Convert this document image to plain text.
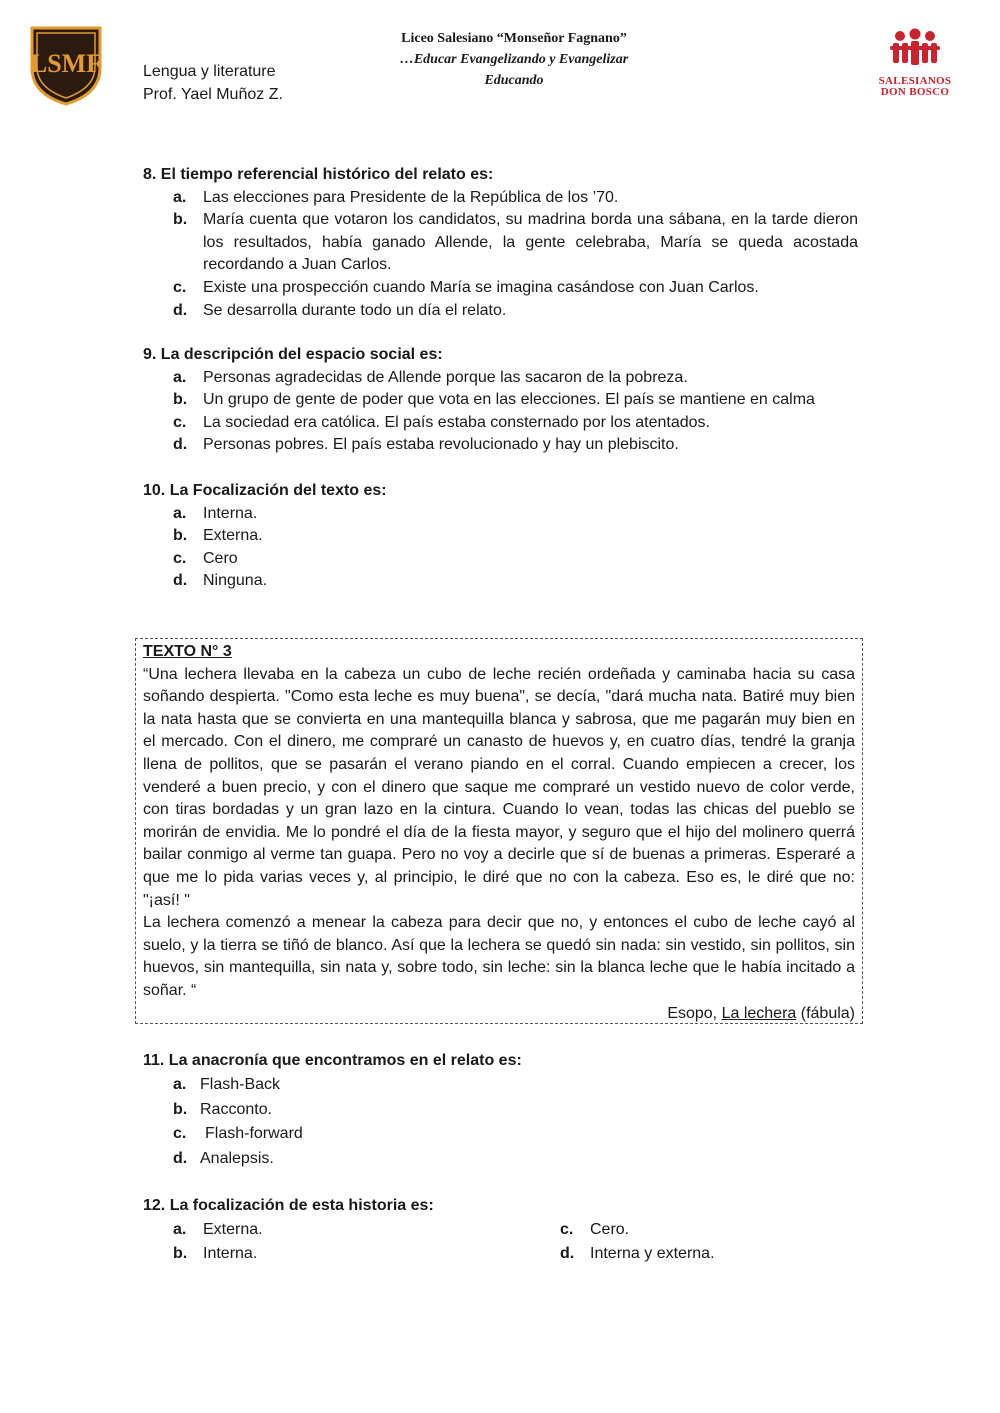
LSMF	Lengua y literature
Prof. Yael Muñoz Z.
Liceo Salesiano “Monseñor Fagnano”
…Educar Evangelizando y Evangelizar
Educando	SALESIANOS
DON BOSCO

8. El tiempo referencial histórico del relato es:

a.	Las elecciones para Presidente de la República de los ’70.
b. María cuenta que votaron los candidatos, su madrina borda una sábana, en la tarde dieron los resultados, había ganado Allende, la gente celebraba, María se queda acostada recordando a Juan Carlos.
c.	Existe una prospección cuando María se imagina casándose con Juan Carlos.
d. Se desarrolla durante todo un día el relato.

9. La descripción del espacio social es:

a.	Personas agradecidas de Allende porque las sacaron de la pobreza.
b. Un grupo de gente de poder que vota en las elecciones. El país se mantiene en calma
c.	La sociedad era católica. El país estaba consternado por los atentados.
d. Personas pobres. El país estaba revolucionado y hay un plebiscito.

10. La Focalización del texto es:

a.	Interna.
b. Externa.
c.	Cero
d. Ninguna.
TEXTO N° 3

“Una lechera llevaba en la cabeza un cubo de leche recién ordeñada y caminaba hacia su casa soñando despierta. "Como esta leche es muy buena", se decía, "dará mucha nata. Batiré muy bien la nata hasta que se convierta en una mantequilla blanca y sabrosa, que me pagarán muy bien en el mercado. Con el dinero, me compraré un canasto de huevos y, en cuatro días, tendré la granja llena de pollitos, que se pasarán el verano piando en el corral. Cuando empiecen a crecer, los venderé a buen precio, y con el dinero que saque me compraré un vestido nuevo de color verde, con tiras bordadas y un gran lazo en la cintura. Cuando lo vean, todas las chicas del pueblo se morirán de envidia. Me lo pondré el día de la fiesta mayor, y seguro que el hijo del molinero querrá bailar conmigo al verme tan guapa. Pero no voy a decirle que sí de buenas a primeras. Esperaré a que me lo pida varias veces y, al principio, le diré que no con la cabeza. Eso es, le diré que no: "¡así! "

La lechera comenzó a menear la cabeza para decir que no, y entonces el cubo de leche cayó al suelo, y la tierra se tiñó de blanco. Así que la lechera se quedó sin nada: sin vestido, sin pollitos, sin huevos, sin mantequilla, sin nata y, sobre todo, sin leche: sin la blanca leche que le había incitado a soñar. “

Esopo, La lechera (fábula)

11. La anacronía que encontramos en el relato es:

a. Flash-Back
b. Racconto.
c.	Flash-forward
d. Analepsis.

12. La focalización de esta historia es:

a.	Externa.
b. Interna.
c.	Cero.
d. Interna y externa.
